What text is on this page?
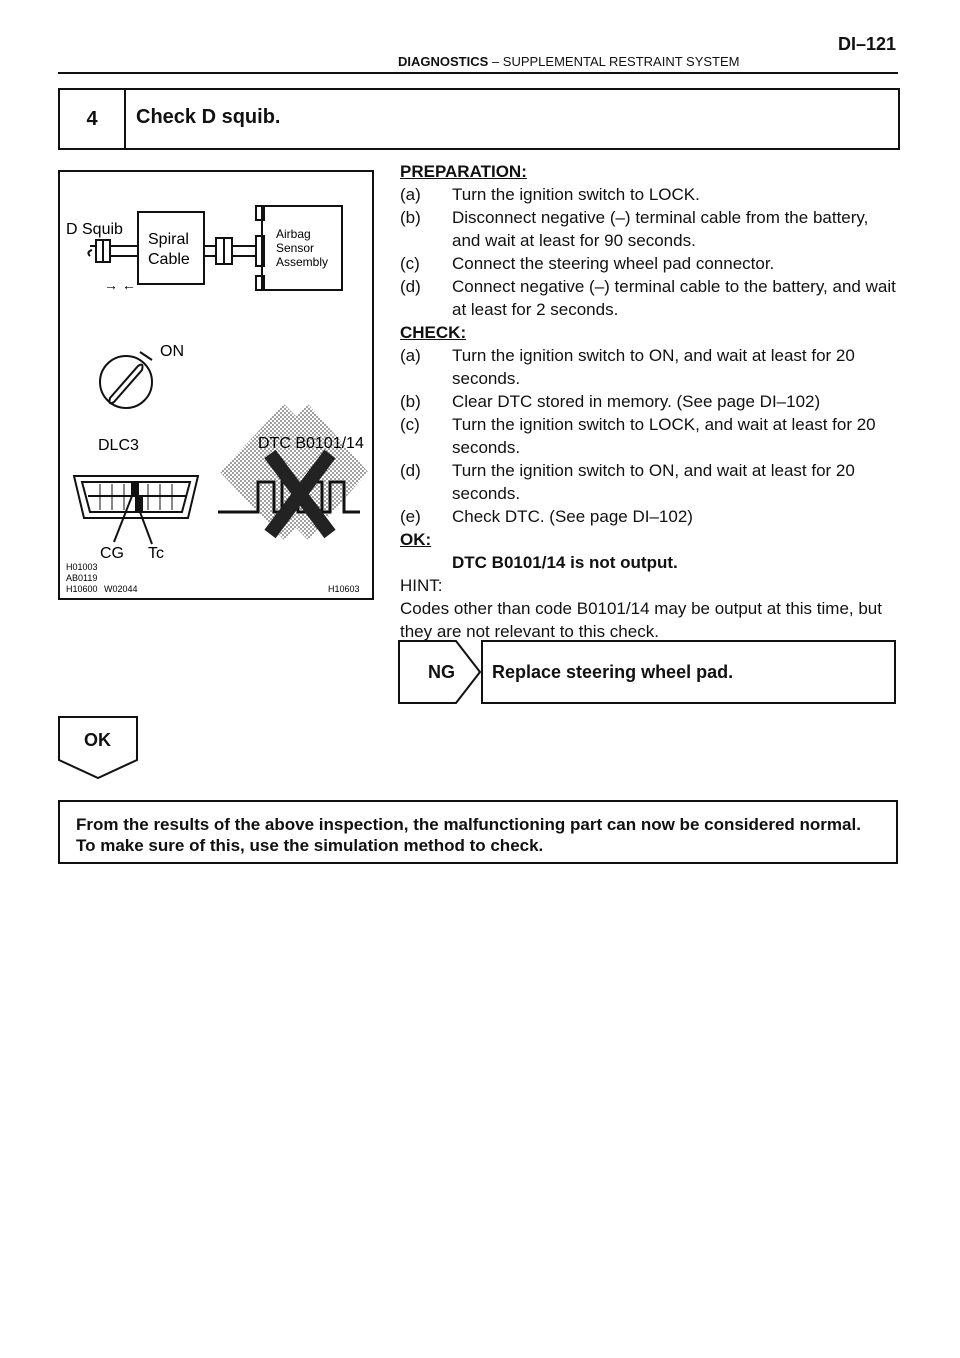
DI–121
DIAGNOSTICS – SUPPLEMENTAL RESTRAINT SYSTEM
4	Check D squib.
D Squib
Spiral
Cable
Airbag
Sensor
Assembly
→ ←
ON
DLC3	DTC B0101/14
CG Tc
H01003
AB0119
H10600 W02044	H10603
PREPARATION:
(a) Turn the ignition switch to LOCK.
(b) Disconnect negative (–) terminal cable from the battery, and wait at least for 90 seconds.
(c) Connect the steering wheel pad connector.
(d) Connect negative (–) terminal cable to the battery, and wait at least for 2 seconds.
CHECK:
(a) Turn the ignition switch to ON, and wait at least for 20 seconds.
(b) Clear DTC stored in memory. (See page DI–102)
(c) Turn the ignition switch to LOCK, and wait at least for 20 seconds.
(d) Turn the ignition switch to ON, and wait at least for 20 seconds.
(e) Check DTC. (See page DI–102)
OK:
DTC B0101/14 is not output.
HINT:
Codes other than code B0101/14 may be output at this time, but they are not relevant to this check.
NG Replace steering wheel pad.
OK
From the results of the above inspection, the malfunctioning part can now be considered normal.
To make sure of this, use the simulation method to check.
